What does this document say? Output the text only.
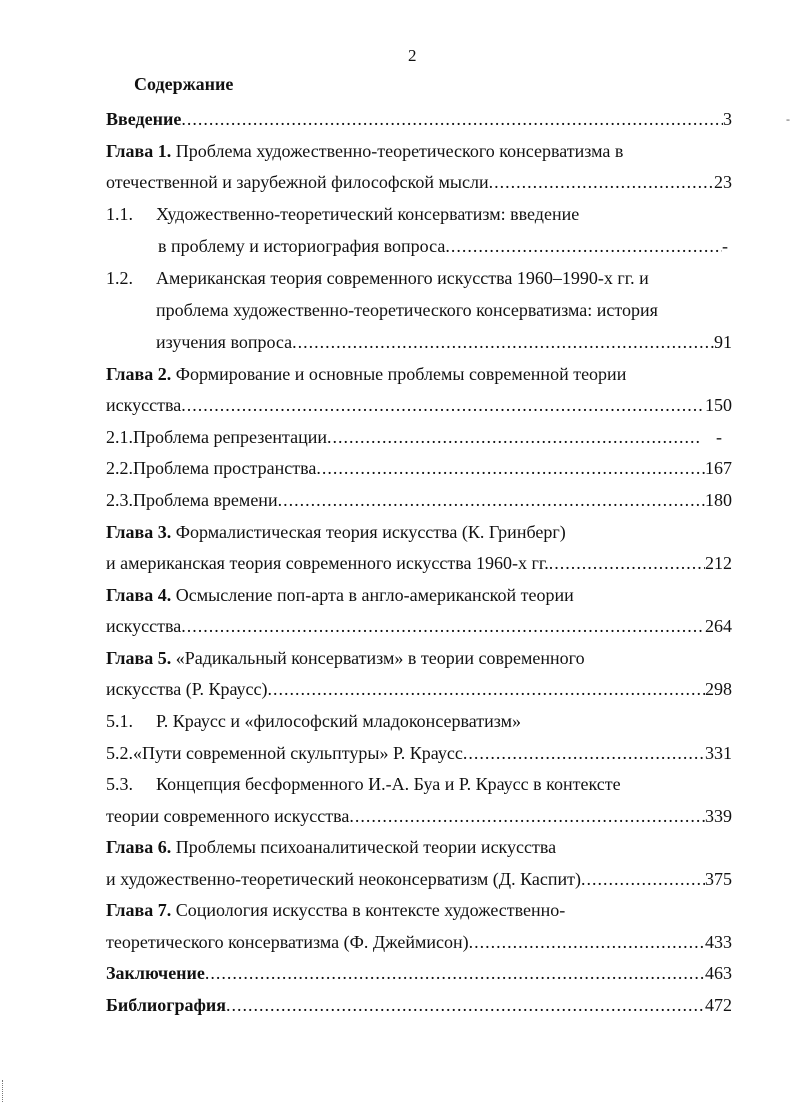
2
Содержание
Введение .....	3
Глава 1. Проблема художественно-теоретического консерватизма в
отечественной и зарубежной философской мысли .....	23
1.1. Художественно-теоретический консерватизм: введение
в проблему и историография вопроса .....	-
1.2. Американская теория современного искусства 1960–1990-х гг. и
проблема художественно-теоретического консерватизма: история
изучения вопроса .....	91
Глава 2. Формирование и основные проблемы современной теории
искусства .....	150
2.1. Проблема репрезентации .....	-
2.2. Проблема пространства .....	167
2.3. Проблема времени .....	180
Глава 3. Формалистическая теория искусства (К. Гринберг)
и американская теория современного искусства 1960-х гг. .....	212
Глава 4. Осмысление поп-арта в англо-американской теории
искусства .....	264
Глава 5. «Радикальный консерватизм» в теории современного
искусства (Р. Краусс) .....	298
5.1. Р. Краусс и «философский младоконсерватизм»
5.2. «Пути современной скульптуры» Р. Краусс .....	331
5.3. Концепция бесформенного И.-А. Буа и Р. Краусс в контексте
теории современного искусства .....	339
Глава 6. Проблемы психоаналитической теории искусства
и художественно-теоретический неоконсерватизм (Д. Каспит) .....	375
Глава 7. Социология искусства в контексте художественно-
теоретического консерватизма (Ф. Джеймисон) .....	433
Заключение .....	463
Библиография .....	472
-
